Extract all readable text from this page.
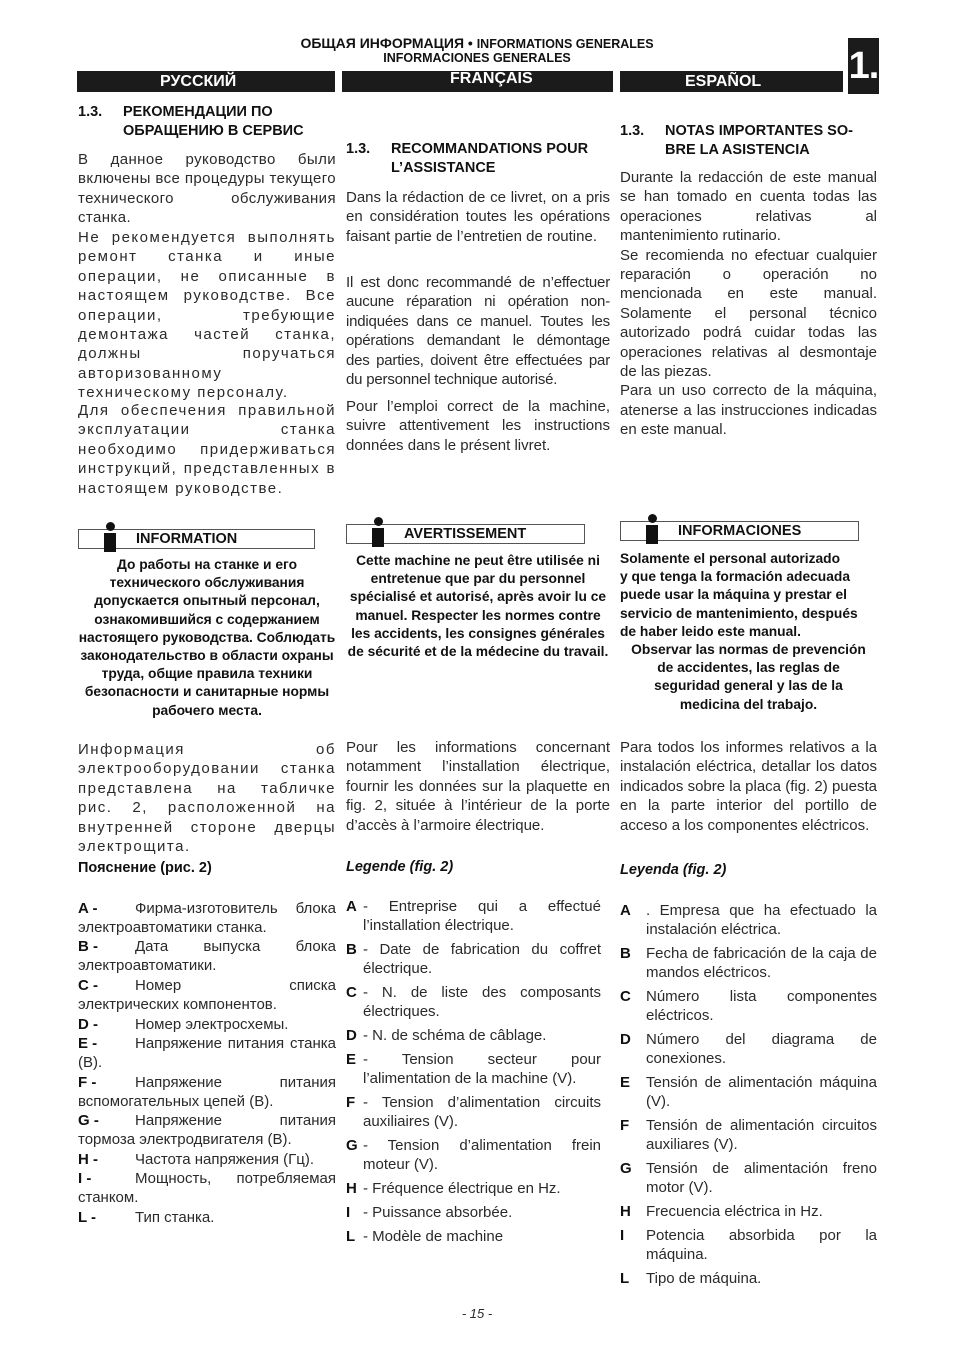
ОБЩАЯ ИНФОРМАЦИЯ • INFORMATIONS GENERALES
INFORMACIONES GENERALES	1.
РУССКИЙ	FRANÇAIS	ESPAÑOL
1.3. РЕКОМЕНДАЦИИ ПО
ОБРАЩЕНИЮ В СЕРВИС

В данное руководство были включены все процедуры текущего технического обслуживания станка.

Не рекомендуется выполнять ремонт станка и иные операции, не описанные в настоящем руководстве. Все операции, требующие демонтажа частей станка, должны поручаться авторизованному техническому персоналу.

Для обеспечения правильной эксплуатации станка необходимо придерживаться инструкций, представленных в настоящем руководстве.

INFORMATION

До работы на станке и его технического обслуживания допускается опытный персонал, ознакомившийся с содержанием настоящего руководства. Соблюдать законодательство в области охраны труда, общие правила техники безопасности и санитарные нормы рабочего места.

Информация об электрооборудовании станка представлена на табличке рис. 2, расположенной на внутренней стороне дверцы электрощита.

Пояснение (рис. 2)
A -	Фирма-изготовитель блока электроавтоматики станка.
B -	Дата выпуска блока электроавтоматики.
C -	Номер списка электрических компонентов.
D -	Номер электросхемы.
E -	Напряжение питания станка (В).
F -	Напряжение питания вспомогательных цепей (В).
G -	Напряжение питания тормоза электродвигателя (В).
H -	Частота напряжения (Гц).
I -	Мощность, потребляемая станком.
L -	Тип станка.
1.3. RECOMMANDATIONS POUR
L’ASSISTANCE

Dans la rédaction de ce livret, on a pris en considération toutes les opérations faisant partie de l’entretien de routine.

Il est donc recommandé de n’effectuer aucune réparation ni opération non-indiquées dans ce manuel. Toutes les opérations demandant le démontage des parties, doivent être effectuées par du personnel technique autorisé.

Pour l’emploi correct de la machine, suivre attentivement les instructions données dans le présent livret.

AVERTISSEMENT

Cette machine ne peut être utilisée ni entretenue que par du personnel spécialisé et autorisé, après avoir lu ce manuel. Respecter les normes contre les accidents, les consignes générales de sécurité et de la médecine du travail.

Pour les informations concernant notamment l’installation électrique, fournir les données sur la plaquette en fig. 2, située à l’intérieur de la porte d’accès à l’armoire électrique.

Legende (fig. 2)
A - Entreprise qui a effectué l’installation électrique.
B - Date de fabrication du coffret électrique.
C - N. de liste des composants électriques.
D - N. de schéma de câblage.
E - Tension secteur pour l’alimentation de la machine (V).
F - Tension d’alimentation circuits auxiliaires (V).
G - Tension d’alimentation frein moteur (V).
H - Fréquence électrique en Hz.
I - Puissance absorbée.
L - Modèle de machine
1.3. NOTAS IMPORTANTES SO-
BRE LA ASISTENCIA

Durante la redacción de este manual se han tomado en cuenta todas las operaciones relativas al mantenimiento rutinario.
Se recomienda no efectuar cualquier reparación o operación no mencionada en este manual. Solamente el personal técnico autorizado podrá cuidar todas las operaciones relativas al desmontaje de las piezas.
Para un uso correcto de la máquina, atenerse a las instrucciones indicadas en este manual.

INFORMACIONES

Solamente el personal autorizado
y que tenga la formación adecuada
puede usar la máquina y prestar el
servicio de mantenimiento, después
de haber leido este manual.

Observar las normas de prevención
de accidentes, las reglas de
seguridad general y las de la
medicina del trabajo.

Para todos los informes relativos a la instalación eléctrica, detallar los datos indicados sobre la placa (fig. 2) puesta en la parte interior del portillo de acceso a los componentes eléctricos.

Leyenda (fig. 2)
A . Empresa que ha efectuado la instalación eléctrica.
B Fecha de fabricación de la caja de mandos eléctricos.
C Número lista componentes eléctricos.
D Número del diagrama de conexiones.
E Tensión de alimentación máquina (V).
F Tensión de alimentación circuitos auxiliares (V).
G Tensión de alimentación freno motor (V).
H Frecuencia eléctrica in Hz.
I Potencia absorbida por la máquina.
L Tipo de máquina.
- 15 -
